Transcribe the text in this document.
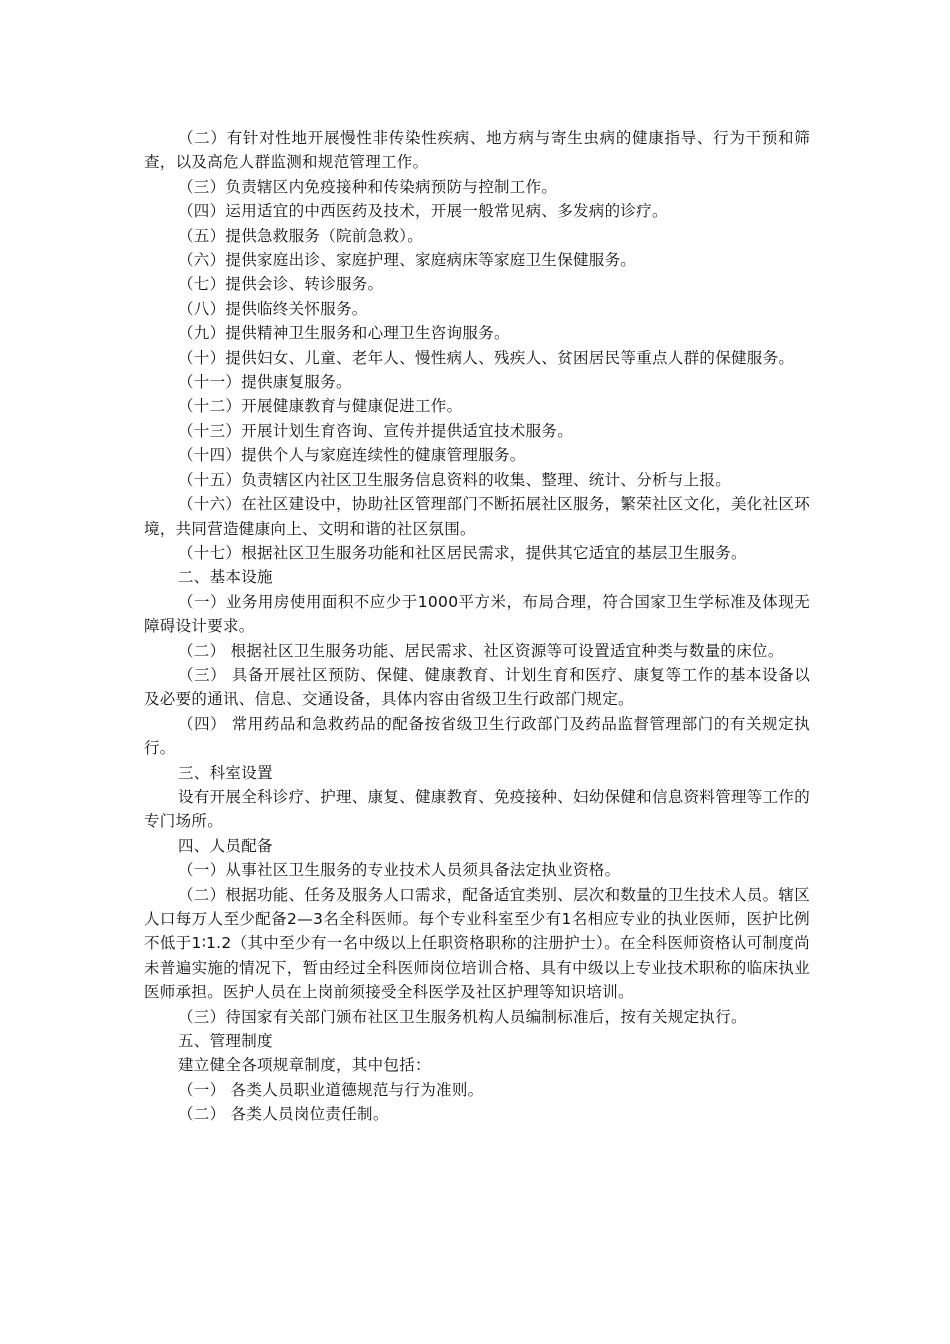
（二）有针对性地开展慢性非传染性疾病、地方病与寄生虫病的健康指导、行为干预和筛查，以及高危人群监测和规范管理工作。

（三）负责辖区内免疫接种和传染病预防与控制工作。

（四）运用适宜的中西医药及技术，开展一般常见病、多发病的诊疗。

（五）提供急救服务（院前急救）。

（六）提供家庭出诊、家庭护理、家庭病床等家庭卫生保健服务。

（七）提供会诊、转诊服务。

（八）提供临终关怀服务。

（九）提供精神卫生服务和心理卫生咨询服务。

（十）提供妇女、儿童、老年人、慢性病人、残疾人、贫困居民等重点人群的保健服务。

（十一）提供康复服务。

（十二）开展健康教育与健康促进工作。

（十三）开展计划生育咨询、宣传并提供适宜技术服务。

（十四）提供个人与家庭连续性的健康管理服务。

（十五）负责辖区内社区卫生服务信息资料的收集、整理、统计、分析与上报。

（十六）在社区建设中，协助社区管理部门不断拓展社区服务，繁荣社区文化，美化社区环境，共同营造健康向上、文明和谐的社区氛围。

（十七）根据社区卫生服务功能和社区居民需求，提供其它适宜的基层卫生服务。

二、基本设施

（一）业务用房使用面积不应少于1000平方米，布局合理，符合国家卫生学标准及体现无障碍设计要求。

（二） 根据社区卫生服务功能、居民需求、社区资源等可设置适宜种类与数量的床位。

（三） 具备开展社区预防、保健、健康教育、计划生育和医疗、康复等工作的基本设备以及必要的通讯、信息、交通设备，具体内容由省级卫生行政部门规定。

（四） 常用药品和急救药品的配备按省级卫生行政部门及药品监督管理部门的有关规定执行。

三、科室设置

设有开展全科诊疗、护理、康复、健康教育、免疫接种、妇幼保健和信息资料管理等工作的专门场所。

四、人员配备

（一）从事社区卫生服务的专业技术人员须具备法定执业资格。

（二）根据功能、任务及服务人口需求，配备适宜类别、层次和数量的卫生技术人员。辖区人口每万人至少配备2—3名全科医师。每个专业科室至少有1名相应专业的执业医师，医护比例不低于1∶1.2（其中至少有一名中级以上任职资格职称的注册护士）。在全科医师资格认可制度尚未普遍实施的情况下，暂由经过全科医师岗位培训合格、具有中级以上专业技术职称的临床执业医师承担。医护人员在上岗前须接受全科医学及社区护理等知识培训。

（三）待国家有关部门颁布社区卫生服务机构人员编制标准后，按有关规定执行。

五、管理制度

建立健全各项规章制度，其中包括：

（一） 各类人员职业道德规范与行为准则。

（二） 各类人员岗位责任制。
